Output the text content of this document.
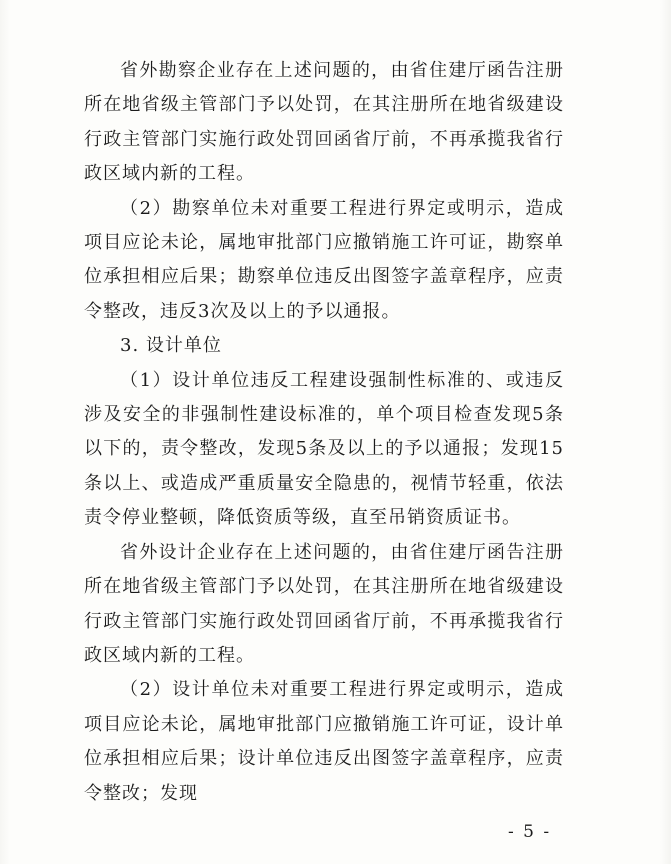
省外勘察企业存在上述问题的，由省住建厅函告注册所在地省级主管部门予以处罚，在其注册所在地省级建设行政主管部门实施行政处罚回函省厅前，不再承揽我省行政区域内新的工程。

（2）勘察单位未对重要工程进行界定或明示，造成项目应论未论，属地审批部门应撤销施工许可证，勘察单位承担相应后果；勘察单位违反出图签字盖章程序，应责令整改，违反3次及以上的予以通报。

3. 设计单位

（1）设计单位违反工程建设强制性标准的、或违反涉及安全的非强制性建设标准的，单个项目检查发现5条以下的，责令整改，发现5条及以上的予以通报；发现15条以上、或造成严重质量安全隐患的，视情节轻重，依法责令停业整顿，降低资质等级，直至吊销资质证书。

省外设计企业存在上述问题的，由省住建厅函告注册所在地省级主管部门予以处罚，在其注册所在地省级建设行政主管部门实施行政处罚回函省厅前，不再承揽我省行政区域内新的工程。

（2）设计单位未对重要工程进行界定或明示，造成项目应论未论，属地审批部门应撤销施工许可证，设计单位承担相应后果；设计单位违反出图签字盖章程序，应责令整改；发现

- 5 -
